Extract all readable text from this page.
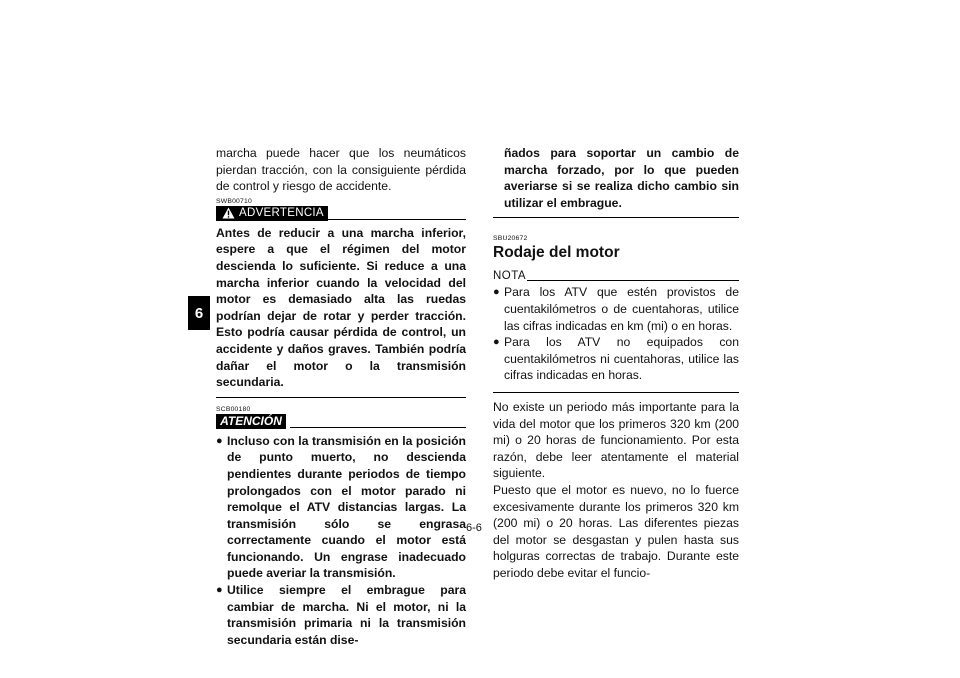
6

marcha puede hacer que los neumáticos pierdan tracción, con la consiguiente pérdida de control y riesgo de accidente.

SWB00710
ADVERTENCIA

Antes de reducir a una marcha inferior, espere a que el régimen del motor descienda lo suficiente. Si reduce a una marcha inferior cuando la velocidad del motor es demasiado alta las ruedas podrían dejar de rotar y perder tracción. Esto podría causar pérdida de control, un accidente y daños graves. También podría dañar el motor o la transmisión secundaria.

SCB00180
ATENCIÓN
● Incluso con la transmisión en la posición de punto muerto, no descienda pendientes durante periodos de tiempo prolongados con el motor parado ni remolque el ATV distancias largas. La transmisión sólo se engrasa correctamente cuando el motor está funcionando. Un engrase inadecuado puede averiar la transmisión.
● Utilice siempre el embrague para cambiar de marcha. Ni el motor, ni la transmisión primaria ni la transmisión secundaria están dise-

ñados para soportar un cambio de marcha forzado, por lo que pueden averiarse si se realiza dicho cambio sin utilizar el embrague.

SBU20672
Rodaje del motor
NOTA
● Para los ATV que estén provistos de cuentakilómetros o de cuentahoras, utilice las cifras indicadas en km (mi) o en horas.
● Para los ATV no equipados con cuentakilómetros ni cuentahoras, utilice las cifras indicadas en horas.

No existe un periodo más importante para la vida del motor que los primeros 320 km (200 mi) o 20 horas de funcionamiento. Por esta razón, debe leer atentamente el material siguiente.

Puesto que el motor es nuevo, no lo fuerce excesivamente durante los primeros 320 km (200 mi) o 20 horas. Las diferentes piezas del motor se desgastan y pulen hasta sus holguras correctas de trabajo. Durante este periodo debe evitar el funcio-

6-6
